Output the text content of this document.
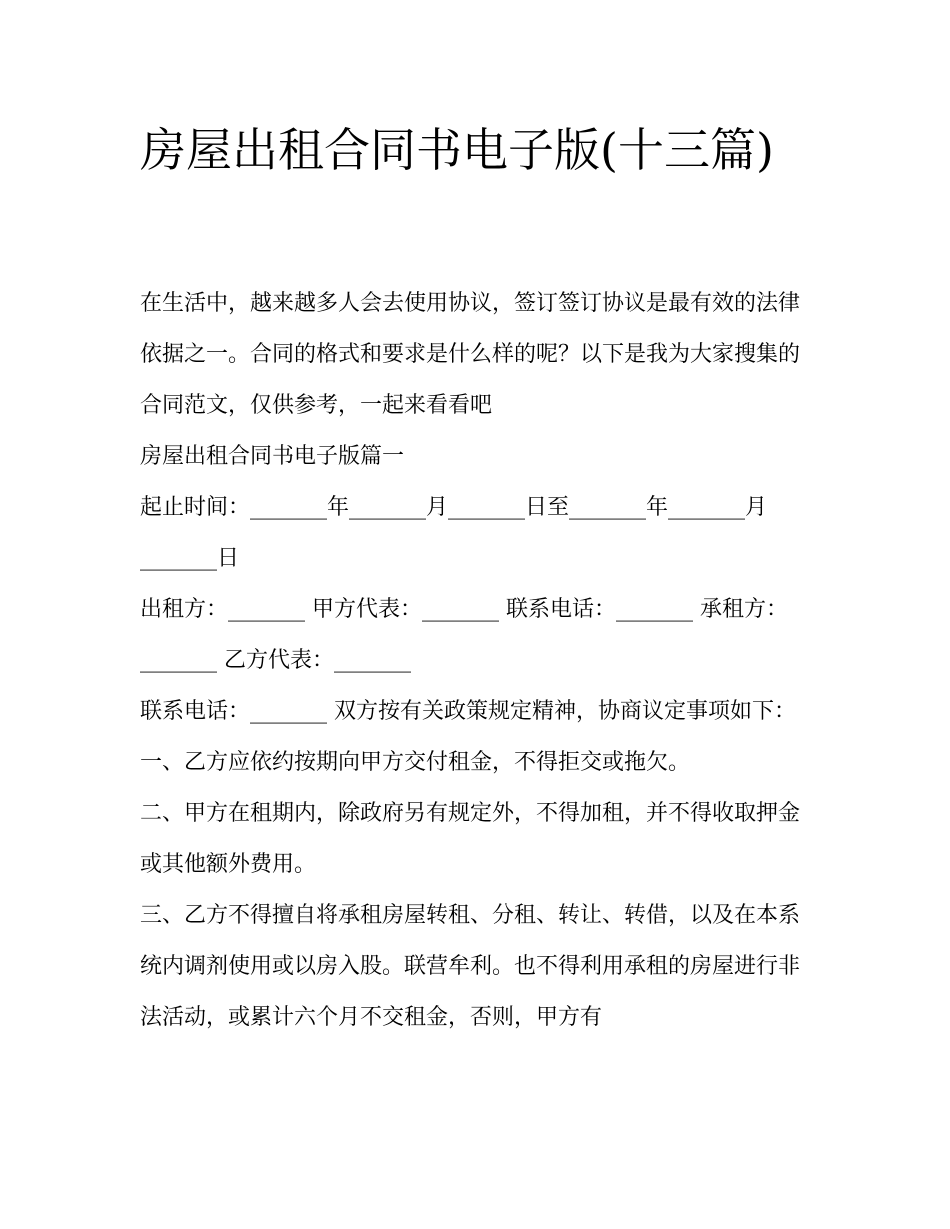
房屋出租合同书电子版(十三篇)

在生活中，越来越多人会去使用协议，签订签订协议是最有效的法律依据之一。合同的格式和要求是什么样的呢？以下是我为大家搜集的合同范文，仅供参考，一起来看看吧

房屋出租合同书电子版篇一

起止时间：_______年_______月_______日至_______年_______月_______日

出租方：_______ 甲方代表：_______ 联系电话：_______ 承租方：_______ 乙方代表：_______

联系电话：_______ 双方按有关政策规定精神，协商议定事项如下： 一、乙方应依约按期向甲方交付租金，不得拒交或拖欠。

二、甲方在租期内，除政府另有规定外，不得加租，并不得收取押金或其他额外费用。

三、乙方不得擅自将承租房屋转租、分租、转让、转借，以及在本系统内调剂使用或以房入股。联营牟利。也不得利用承租的房屋进行非法活动，或累计六个月不交租金，否则，甲方有
